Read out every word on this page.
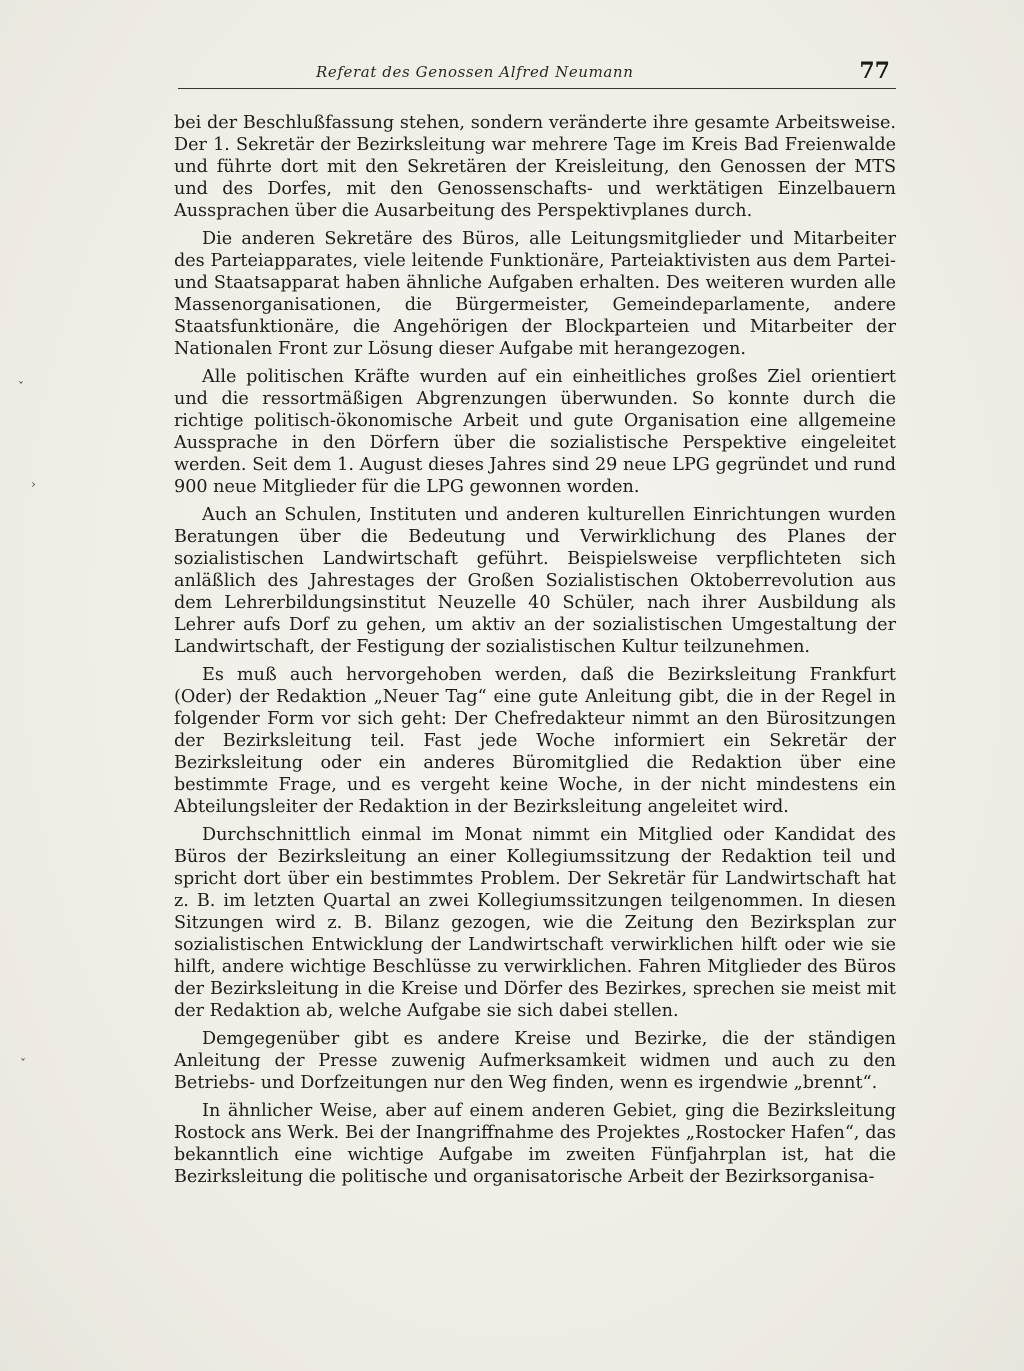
Referat des Genossen Alfred Neumann	77

bei der Beschlußfassung stehen, sondern veränderte ihre gesamte Arbeitsweise. Der 1. Sekretär der Bezirksleitung war mehrere Tage im Kreis Bad Freienwalde und führte dort mit den Sekretären der Kreisleitung, den Genossen der MTS und des Dorfes, mit den Genossenschafts- und werktätigen Einzelbauern Aussprachen über die Ausarbeitung des Perspektivplanes durch.

Die anderen Sekretäre des Büros, alle Leitungsmitglieder und Mitarbeiter des Parteiapparates, viele leitende Funktionäre, Parteiaktivisten aus dem Partei- und Staatsapparat haben ähnliche Aufgaben erhalten. Des weiteren wurden alle Massenorganisationen, die Bürgermeister, Gemeindeparlamente, andere Staatsfunktionäre, die Angehörigen der Blockparteien und Mitarbeiter der Nationalen Front zur Lösung dieser Aufgabe mit herangezogen.

Alle politischen Kräfte wurden auf ein einheitliches großes Ziel orientiert und die ressortmäßigen Abgrenzungen überwunden. So konnte durch die richtige politisch-ökonomische Arbeit und gute Organisation eine allgemeine Aussprache in den Dörfern über die sozialistische Perspektive eingeleitet werden. Seit dem 1. August dieses Jahres sind 29 neue LPG gegründet und rund 900 neue Mitglieder für die LPG gewonnen worden.

Auch an Schulen, Instituten und anderen kulturellen Einrichtungen wurden Beratungen über die Bedeutung und Verwirklichung des Planes der sozialistischen Landwirtschaft geführt. Beispielsweise verpflichteten sich anläßlich des Jahrestages der Großen Sozialistischen Oktoberrevolution aus dem Lehrerbildungsinstitut Neuzelle 40 Schüler, nach ihrer Ausbildung als Lehrer aufs Dorf zu gehen, um aktiv an der sozialistischen Umgestaltung der Landwirtschaft, der Festigung der sozialistischen Kultur teilzunehmen.

Es muß auch hervorgehoben werden, daß die Bezirksleitung Frankfurt (Oder) der Redaktion „Neuer Tag“ eine gute Anleitung gibt, die in der Regel in folgender Form vor sich geht: Der Chefredakteur nimmt an den Bürositzungen der Bezirksleitung teil. Fast jede Woche informiert ein Sekretär der Bezirksleitung oder ein anderes Büromitglied die Redaktion über eine bestimmte Frage, und es vergeht keine Woche, in der nicht mindestens ein Abteilungsleiter der Redaktion in der Bezirksleitung angeleitet wird.

Durchschnittlich einmal im Monat nimmt ein Mitglied oder Kandidat des Büros der Bezirksleitung an einer Kollegiumssitzung der Redaktion teil und spricht dort über ein bestimmtes Problem. Der Sekretär für Landwirtschaft hat z. B. im letzten Quartal an zwei Kollegiumssitzungen teilgenommen. In diesen Sitzungen wird z. B. Bilanz gezogen, wie die Zeitung den Bezirksplan zur sozialistischen Entwicklung der Landwirtschaft verwirklichen hilft oder wie sie hilft, andere wichtige Beschlüsse zu verwirklichen. Fahren Mitglieder des Büros der Bezirksleitung in die Kreise und Dörfer des Bezirkes, sprechen sie meist mit der Redaktion ab, welche Aufgabe sie sich dabei stellen.

Demgegenüber gibt es andere Kreise und Bezirke, die der ständigen Anleitung der Presse zuwenig Aufmerksamkeit widmen und auch zu den Betriebs- und Dorfzeitungen nur den Weg finden, wenn es irgendwie „brennt“.

In ähnlicher Weise, aber auf einem anderen Gebiet, ging die Bezirksleitung Rostock ans Werk. Bei der Inangriffnahme des Projektes „Rostocker Hafen“, das bekanntlich eine wichtige Aufgabe im zweiten Fünfjahrplan ist, hat die Bezirksleitung die politische und organisatorische Arbeit der Bezirksorganisa-

ˇ
›
ˇ
